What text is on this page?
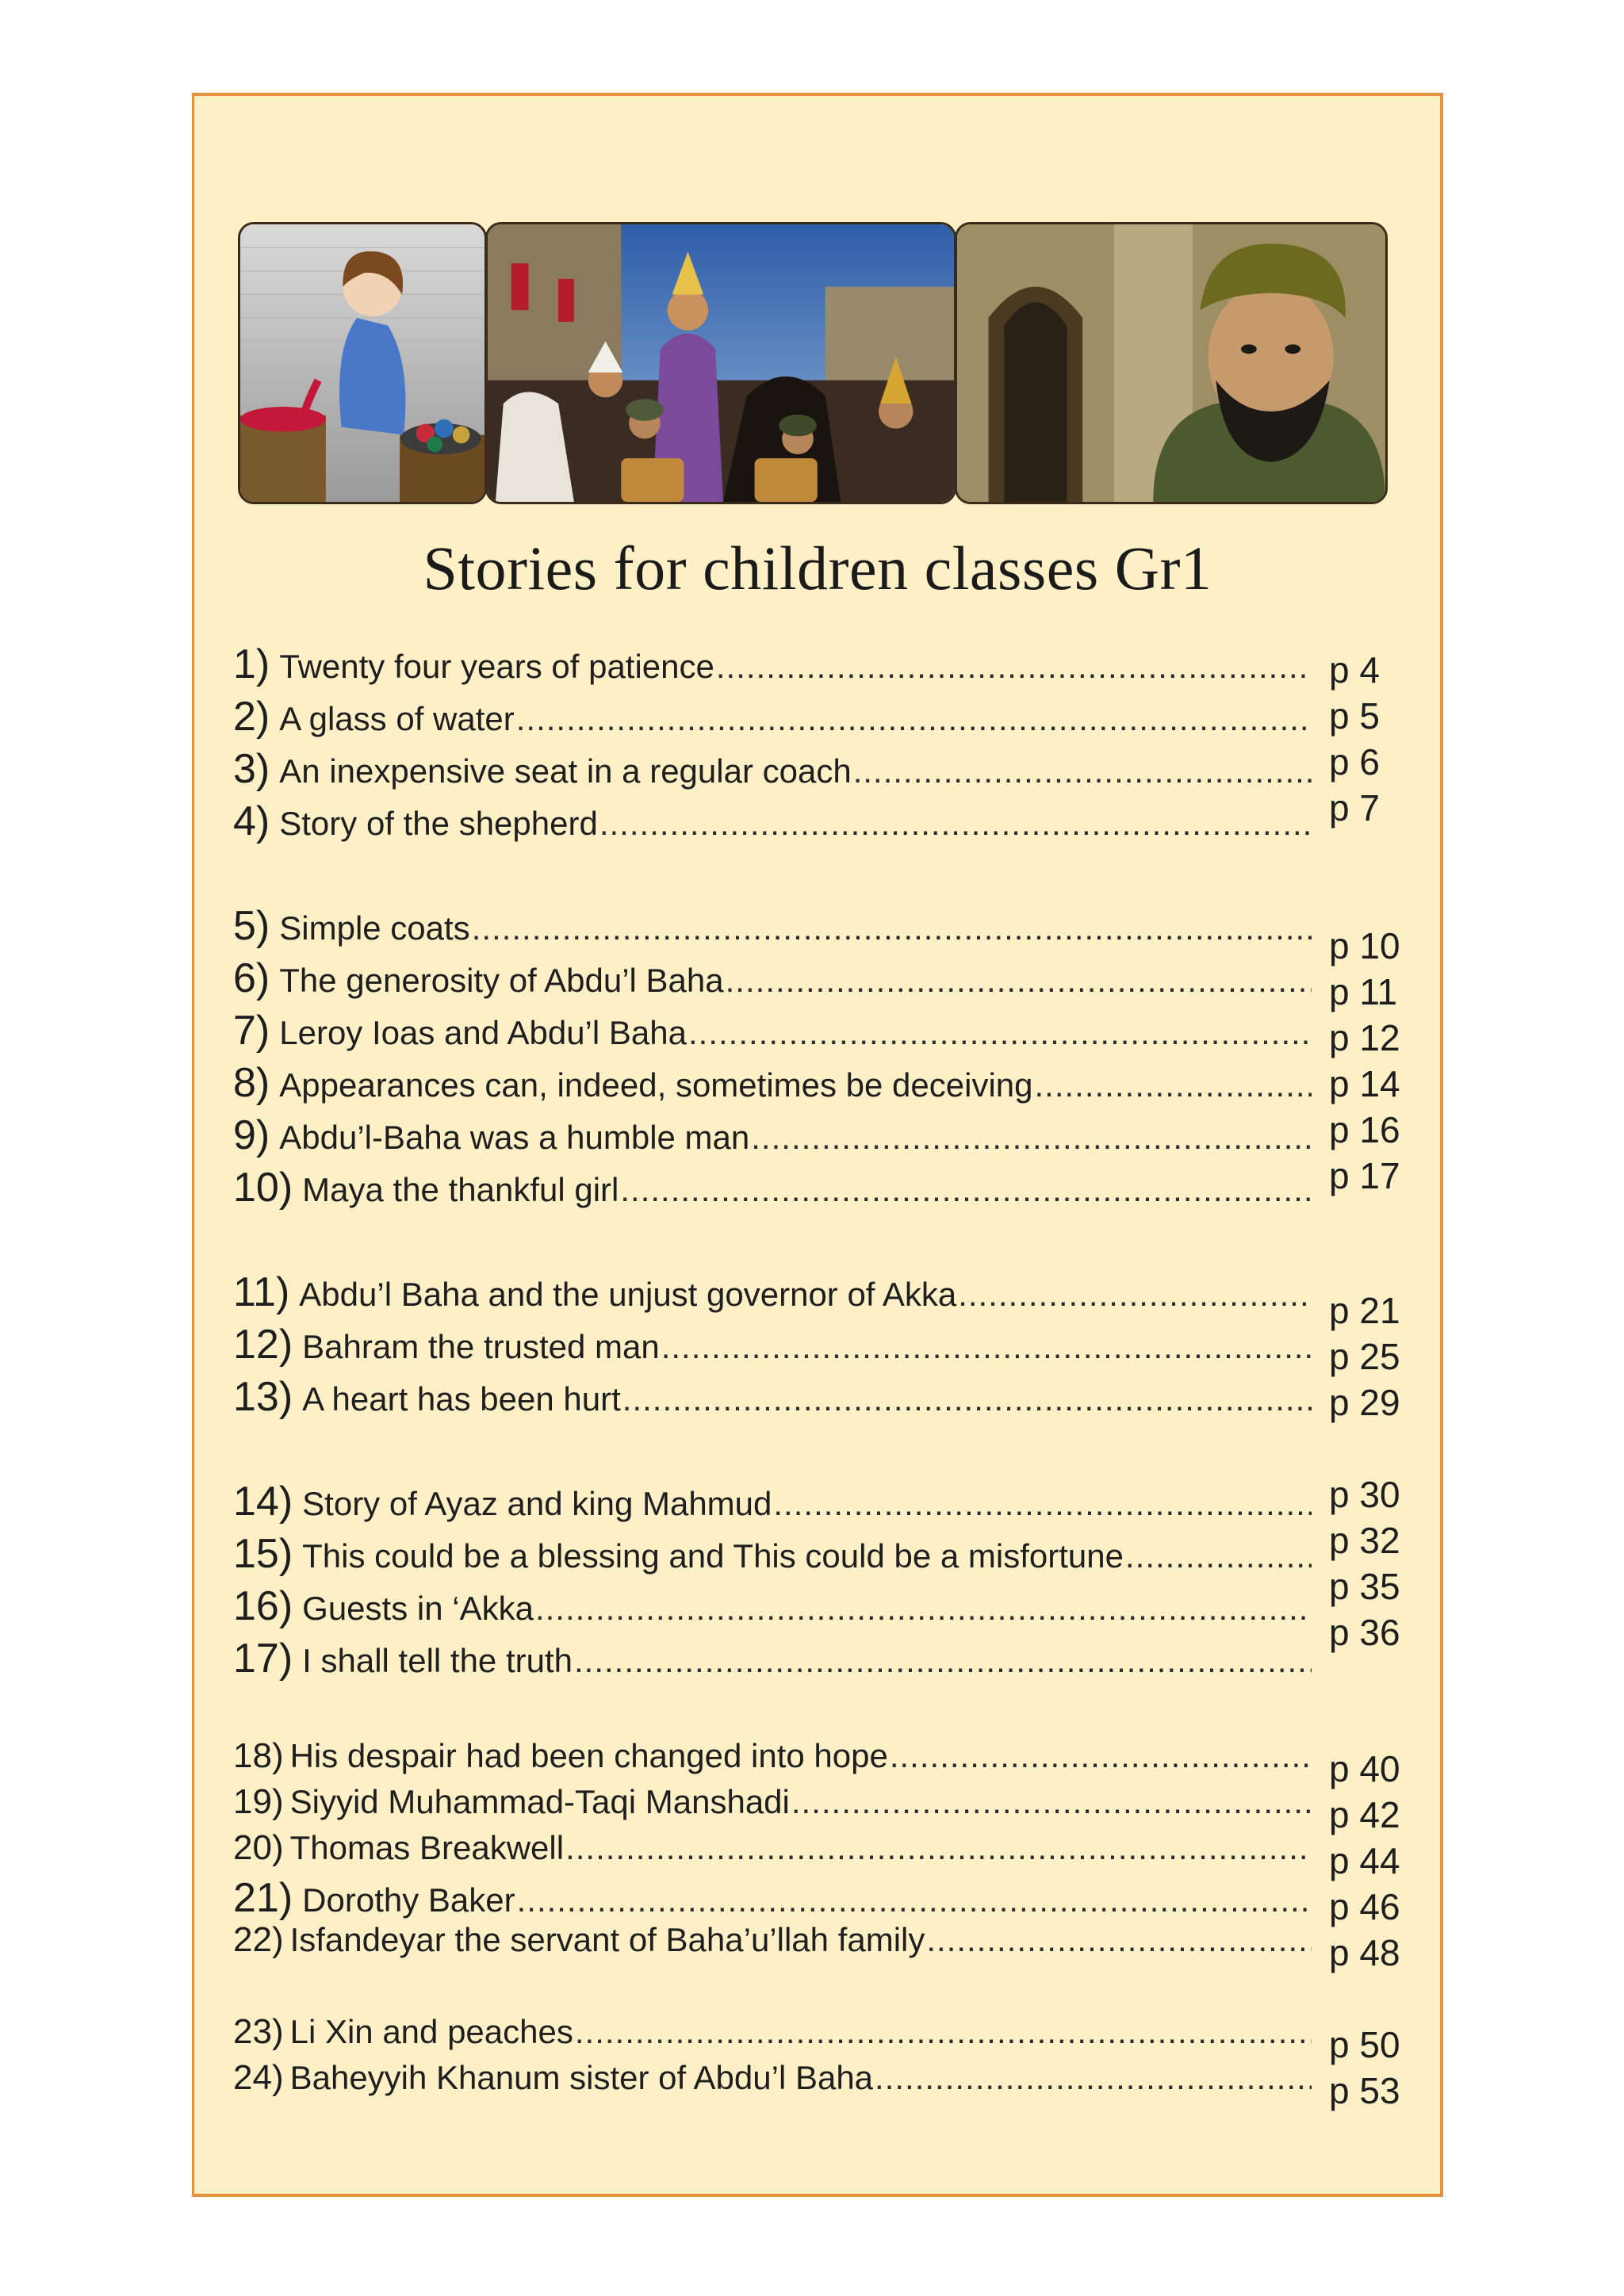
Stories for children classes Gr1
1) Twenty four years of patience
.....
2) A glass of water
.....
3) An inexpensive seat in a regular coach
.....
4) Story of the shepherd
.....
5) Simple coats
.....
6) The generosity of Abdu’l Baha
.....
7) Leroy Ioas and Abdu’l Baha
.....
8) Appearances can, indeed, sometimes be deceiving
.....
9) Abdu’l-Baha was a humble man
.....
10) Maya the thankful girl
.....
11) Abdu’l Baha and the unjust governor of Akka
.....
12) Bahram the trusted man
.....
13) A heart has been hurt
.....
14) Story of Ayaz and king Mahmud
.....
15) This could be a blessing and This could be a misfortune
.....
16) Guests in ‘Akka
.....
17) I shall tell the truth
.....
18) His despair had been changed into hope
.....
19) Siyyid Muhammad-Taqi Manshadi
.....
20) Thomas Breakwell
.....
21) Dorothy Baker
.....
22) Isfandeyar the servant of Baha’u’llah family
.....
23) Li Xin and peaches
.....
24) Baheyyih Khanum sister of Abdu’l Baha
.....
p 4
p 5
p 6
p 7
p 10
p 11
p 12
p 14
p 16
p 17
p 21
p 25
p 29
p 30
p 32
p 35
p 36
p 40
p 42
p 44
p 46
p 48
p 50
p 53
